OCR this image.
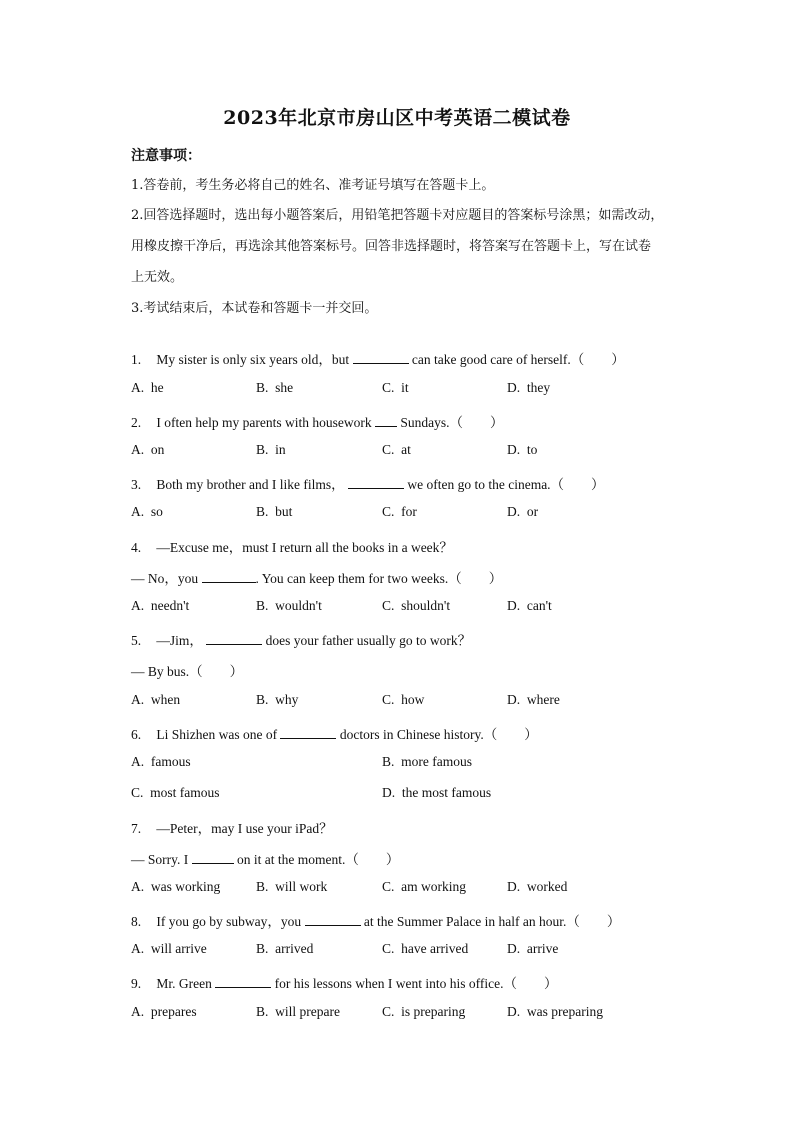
2023年北京市房山区中考英语二模试卷
注意事项：
1.答卷前，考生务必将自己的姓名、准考证号填写在答题卡上。
2.回答选择题时，选出每小题答案后，用铅笔把答题卡对应题目的答案标号涂黑；如需改动，
用橡皮擦干净后，再选涂其他答案标号。回答非选择题时，将答案写在答题卡上，写在试卷
上无效。
3.考试结束后，本试卷和答题卡一并交回。
1. My sister is only six years old，but	can take good care of herself.（　　）
A. he	B. she	C. it	D. they
2. I often help my parents with housework Sundays.（　　）
A. on	B. in	C. at	D. to
3. Both my brother and I like films，	we often go to the cinema.（　　）
A. so	B. but	C. for	D. or
4. —Excuse me，must I return all the books in a week？
— No，you	. You can keep them for two weeks.（　　）
A. needn't	B. wouldn't	C. shouldn't	D. can't
5. —Jim，	does your father usually go to work？
— By bus.（　　）
A. when	B. why	C. how	D. where
6. Li Shizhen was one of	doctors in Chinese history.（　　）
A. famous	B. more famous
C. most famous	D. the most famous
7. —Peter，may I use your iPad？
— Sorry. I	on it at the moment.（　　）
A. was working	B. will work	C. am working	D. worked
8. If you go by subway，you	at the Summer Palace in half an hour.（　　）
A. will arrive	B. arrived	C. have arrived	D. arrive
9. Mr. Green	for his lessons when I went into his office.（　　）
A. prepares	B. will prepare	C. is preparing	D. was preparing
